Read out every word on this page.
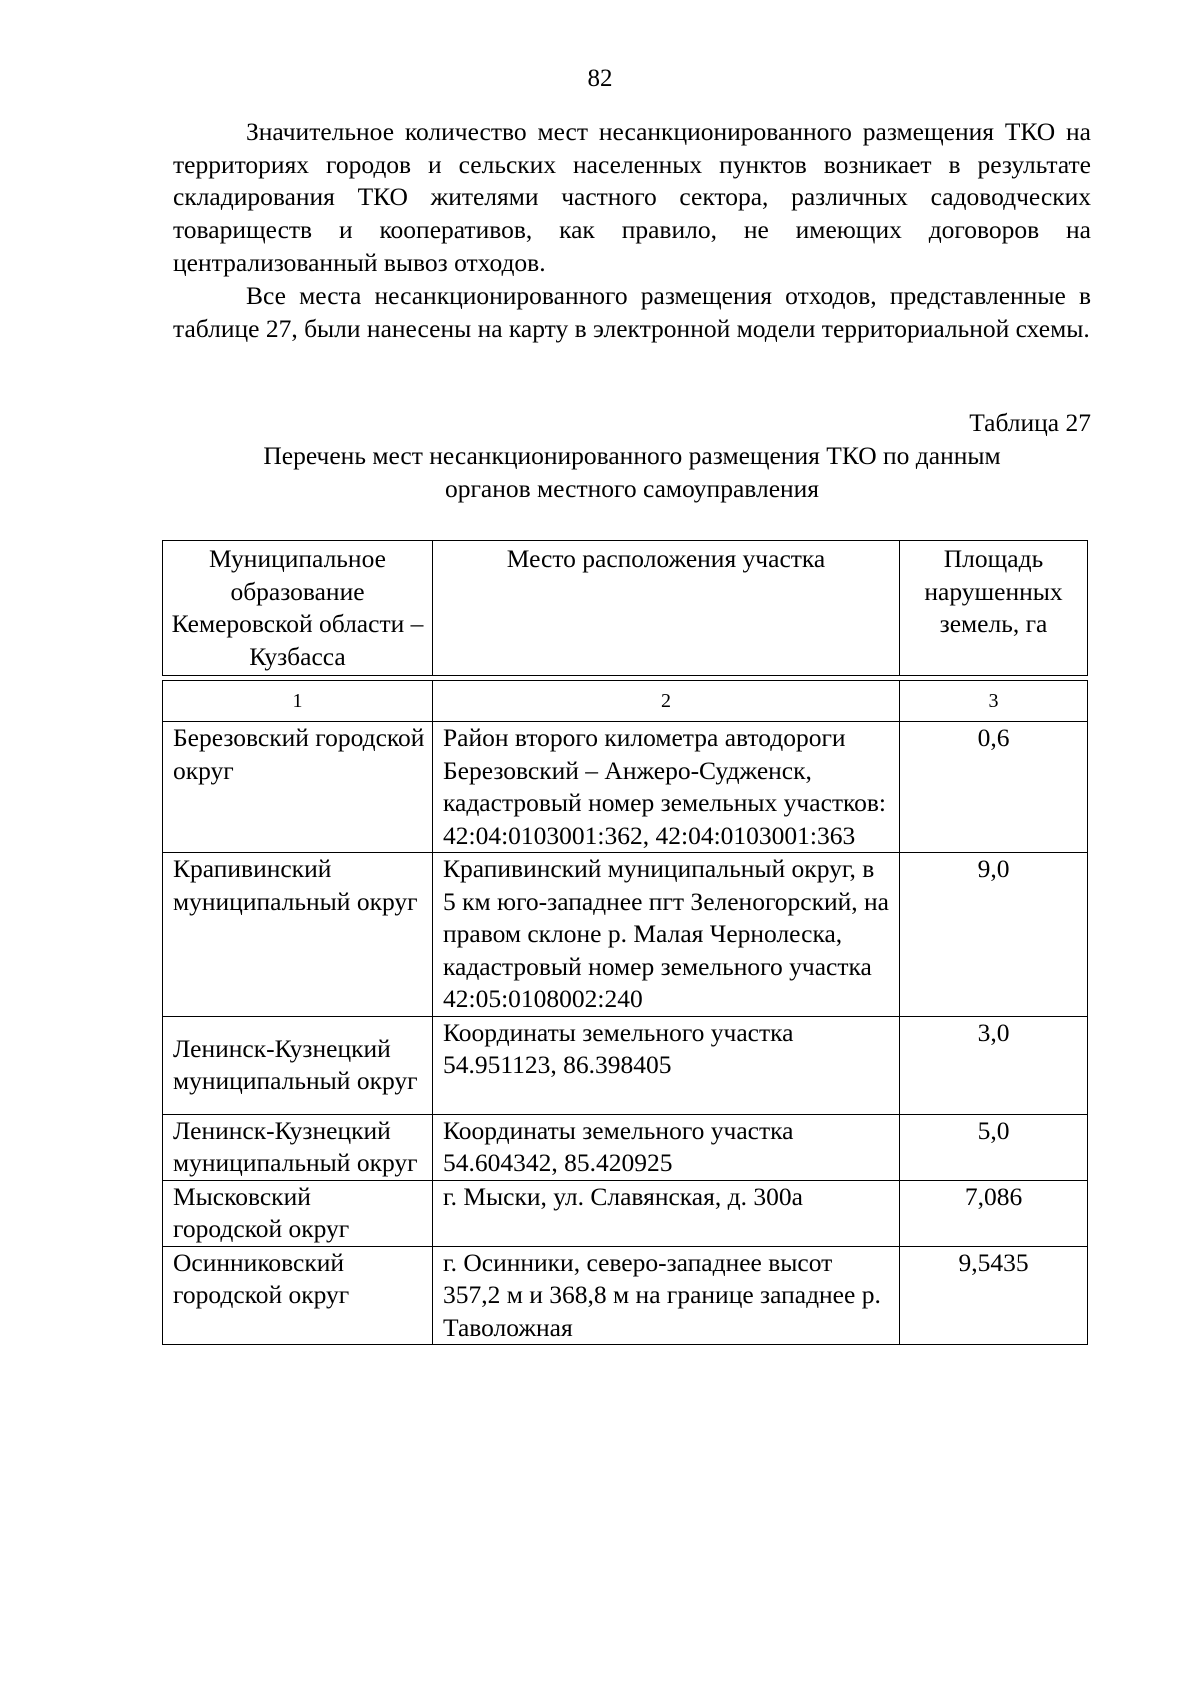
82

Значительное количество мест несанкционированного размещения ТКО на территориях городов и сельских населенных пунктов возникает в результате складирования ТКО жителями частного сектора, различных садоводческих товариществ и кооперативов, как правило, не имеющих договоров на централизованный вывоз отходов.

Все места несанкционированного размещения отходов, представленные в таблице 27, были нанесены на карту в электронной модели территориальной схемы.

Таблица 27
Перечень мест несанкционированного размещения ТКО по данным
органов местного самоуправления
Муниципальное образование Кемеровской области – Кузбасса	Место расположения участка	Площадь нарушенных земель, га
1	2	3
Березовский городской округ	Район второго километра автодороги Березовский – Анжеро-Судженск, кадастровый номер земельных участков: 42:04:0103001:362, 42:04:0103001:363	0,6
Крапивинский муниципальный округ	Крапивинский муниципальный округ, в 5 км юго-западнее пгт Зеленогорский, на правом склоне р. Малая Чернолеска, кадастровый номер земельного участка 42:05:0108002:240	9,0
Ленинск-Кузнецкий муниципальный округ	Координаты земельного участка 54.951123, 86.398405	3,0
Ленинск-Кузнецкий муниципальный округ	Координаты земельного участка 54.604342, 85.420925	5,0
Мысковский городской округ	г. Мыски, ул. Славянская, д. 300а	7,086
Осинниковский городской округ	г. Осинники, северо-западнее высот 357,2 м и 368,8 м на границе западнее р. Таволожная	9,5435
